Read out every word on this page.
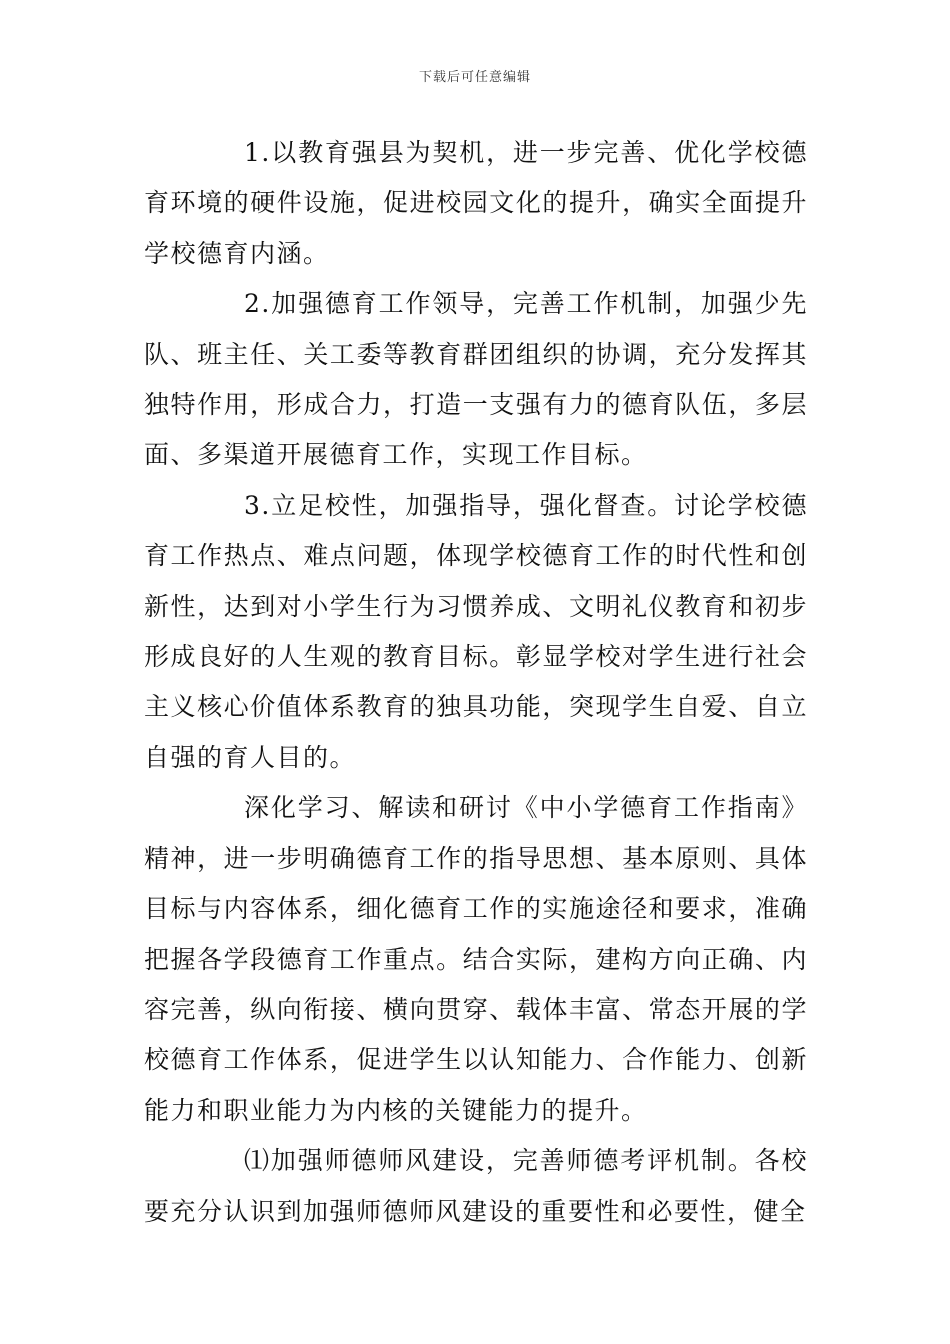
下载后可任意编辑

1.以教育强县为契机，进一步完善、优化学校德育环境的硬件设施，促进校园文化的提升，确实全面提升学校德育内涵。

2.加强德育工作领导，完善工作机制，加强少先队、班主任、关工委等教育群团组织的协调，充分发挥其独特作用，形成合力，打造一支强有力的德育队伍，多层面、多渠道开展德育工作，实现工作目标。

3.立足校性，加强指导，强化督查。讨论学校德育工作热点、难点问题，体现学校德育工作的时代性和创新性，达到对小学生行为习惯养成、文明礼仪教育和初步形成良好的人生观的教育目标。彰显学校对学生进行社会主义核心价值体系教育的独具功能，突现学生自爱、自立自强的育人目的。

深化学习、解读和研讨《中小学德育工作指南》精神，进一步明确德育工作的指导思想、基本原则、具体目标与内容体系，细化德育工作的实施途径和要求，准确把握各学段德育工作重点。结合实际，建构方向正确、内容完善，纵向衔接、横向贯穿、载体丰富、常态开展的学校德育工作体系，促进学生以认知能力、合作能力、创新能力和职业能力为内核的关键能力的提升。

⑴加强师德师风建设，完善师德考评机制。各校要充分认识到加强师德师风建设的重要性和必要性，健全
